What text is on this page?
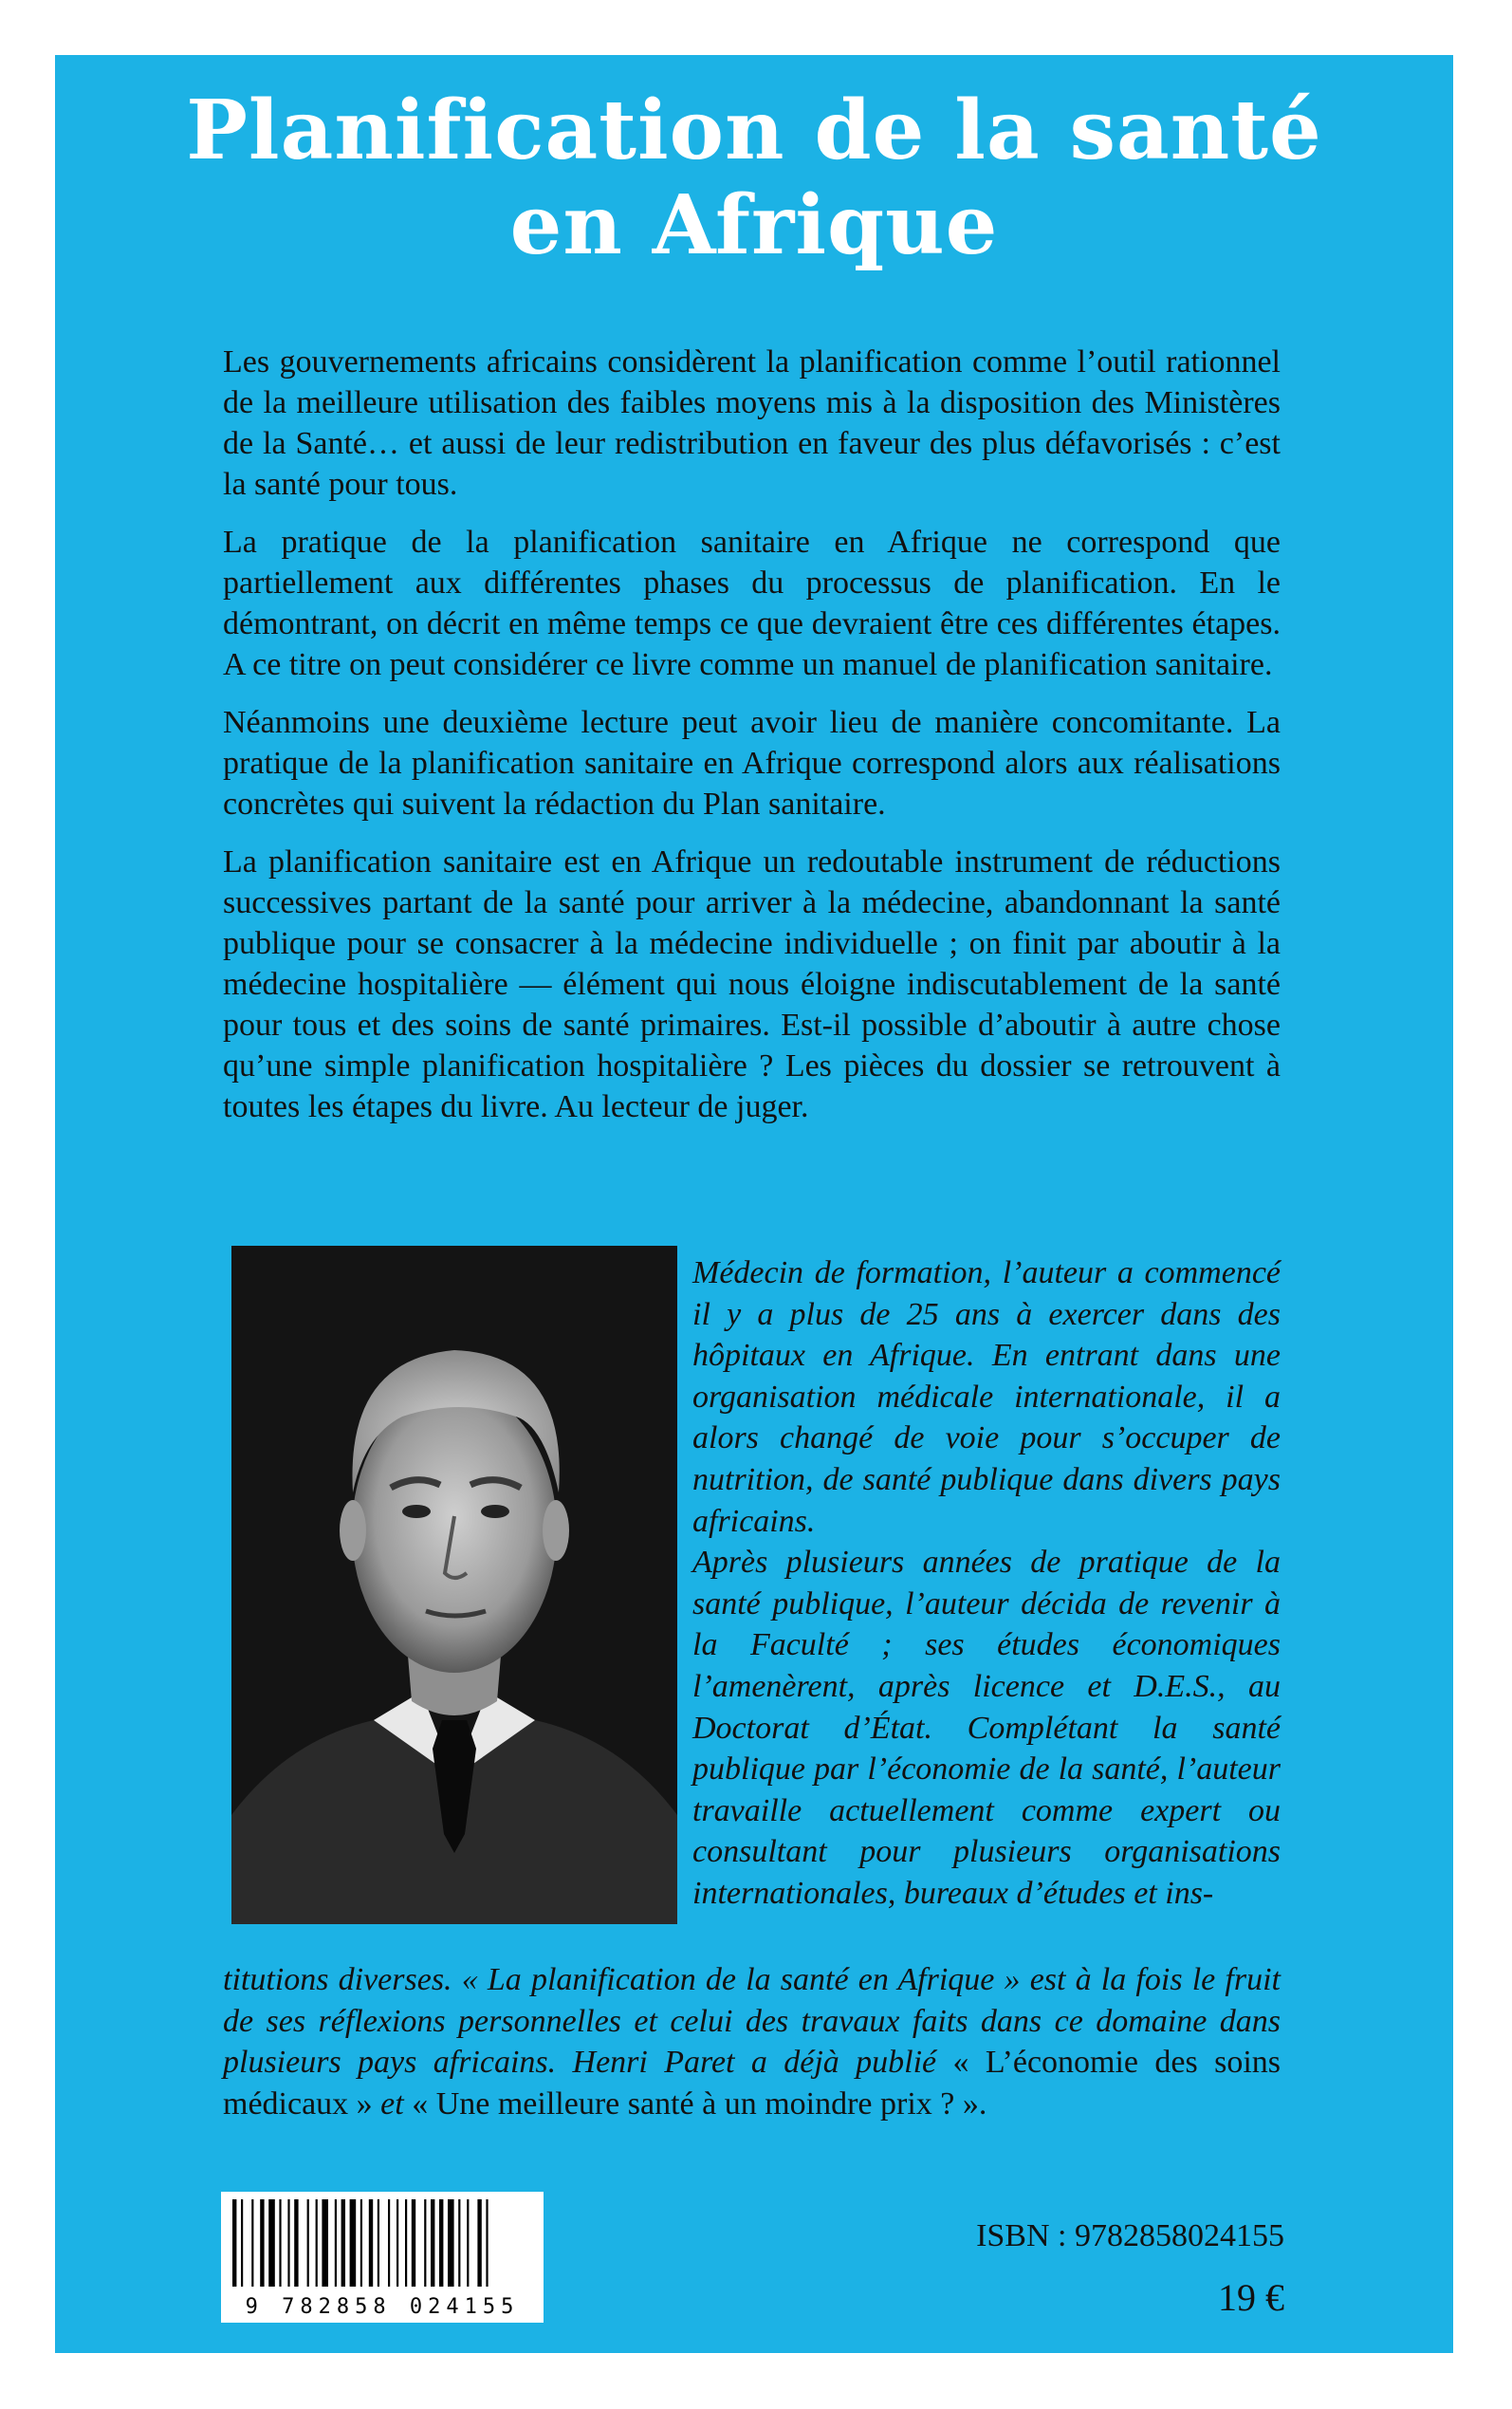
Planification de la santé
en Afrique

Les gouvernements africains considèrent la planification comme l’outil rationnel de la meilleure utilisation des faibles moyens mis à la disposition des Ministères de la Santé… et aussi de leur redistribution en faveur des plus défavorisés : c’est la santé pour tous.

La pratique de la planification sanitaire en Afrique ne correspond que partiellement aux différentes phases du processus de planification. En le démontrant, on décrit en même temps ce que devraient être ces différentes étapes. A ce titre on peut considérer ce livre comme un manuel de planification sanitaire.

Néanmoins une deuxième lecture peut avoir lieu de manière concomitante. La pratique de la planification sanitaire en Afrique correspond alors aux réalisations concrètes qui suivent la rédaction du Plan sanitaire.

La planification sanitaire est en Afrique un redoutable instrument de réductions successives partant de la santé pour arriver à la médecine, abandonnant la santé publique pour se consacrer à la médecine individuelle ; on finit par aboutir à la médecine hospitalière — élément qui nous éloigne indiscutablement de la santé pour tous et des soins de santé primaires. Est-il possible d’aboutir à autre chose qu’une simple planification hospitalière ? Les pièces du dossier se retrouvent à toutes les étapes du livre. Au lecteur de juger.

Médecin de formation, l’auteur a commencé il y a plus de 25 ans à exercer dans des hôpitaux en Afrique. En entrant dans une organisation médicale internationale, il a alors changé de voie pour s’occuper de nutrition, de santé publique dans divers pays africains.

Après plusieurs années de pratique de la santé publique, l’auteur décida de revenir à la Faculté ; ses études économiques l’amenèrent, après licence et D.E.S., au Doctorat d’État. Complétant la santé publique par l’économie de la santé, l’auteur travaille actuellement comme expert ou consultant pour plusieurs organisations internationales, bureaux d’études et ins-

titutions diverses. « La planification de la santé en Afrique » est à la fois le fruit de ses réflexions personnelles et celui des travaux faits dans ce domaine dans plusieurs pays africains. Henri Paret a déjà publié « L’économie des soins médicaux » et « Une meilleure santé à un moindre prix ? ».
9 782858 024155
ISBN : 9782858024155
19 €
